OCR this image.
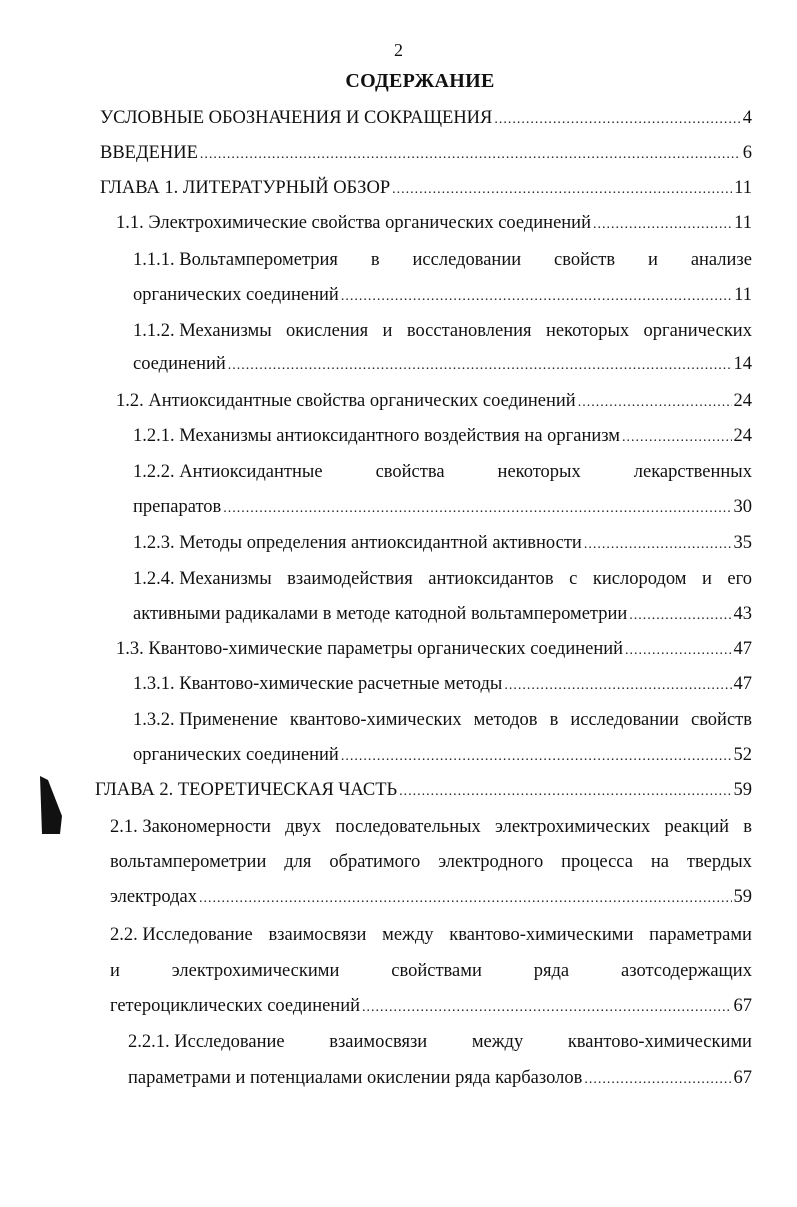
2
СОДЕРЖАНИЕ
УСЛОВНЫЕ ОБОЗНАЧЕНИЯ И СОКРАЩЕНИЯ .....	4
ВВЕДЕНИЕ .....	6
ГЛАВА 1. ЛИТЕРАТУРНЫЙ ОБЗОР .....	11
1.1. Электрохимические свойства органических соединений .....	11
1.1.1. Вольтамперометрия в исследовании свойств и анализе
органических соединений .....	11
1.1.2. Механизмы окисления и восстановления некоторых органических
соединений .....	14
1.2. Антиоксидантные свойства органических соединений .....	24
1.2.1. Механизмы антиоксидантного воздействия на организм .....	24
1.2.2. Антиоксидантные	свойства	некоторых	лекарственных
препаратов .....	30
1.2.3. Методы определения антиоксидантной активности .....	35
1.2.4. Механизмы взаимодействия антиоксидантов с кислородом и его
активными радикалами в методе катодной вольтамперометрии .....	43
1.3. Квантово-химические параметры органических соединений .....	47
1.3.1. Квантово-химические расчетные методы .....	47
1.3.2. Применение квантово-химических методов в исследовании свойств
органических соединений .....	52
ГЛАВА 2. ТЕОРЕТИЧЕСКАЯ ЧАСТЬ .....	59
2.1. Закономерности двух последовательных электрохимических реакций в
вольтамперометрии для обратимого электродного процесса на твердых
электродах .....	59
2.2. Исследование взаимосвязи между квантово-химическими параметрами
и	электрохимическими	свойствами	ряда	азотсодержащих
гетероциклических соединений .....	67
2.2.1. Исследование взаимосвязи между квантово-химическими
параметрами и потенциалами окислении ряда карбазолов .....	67
